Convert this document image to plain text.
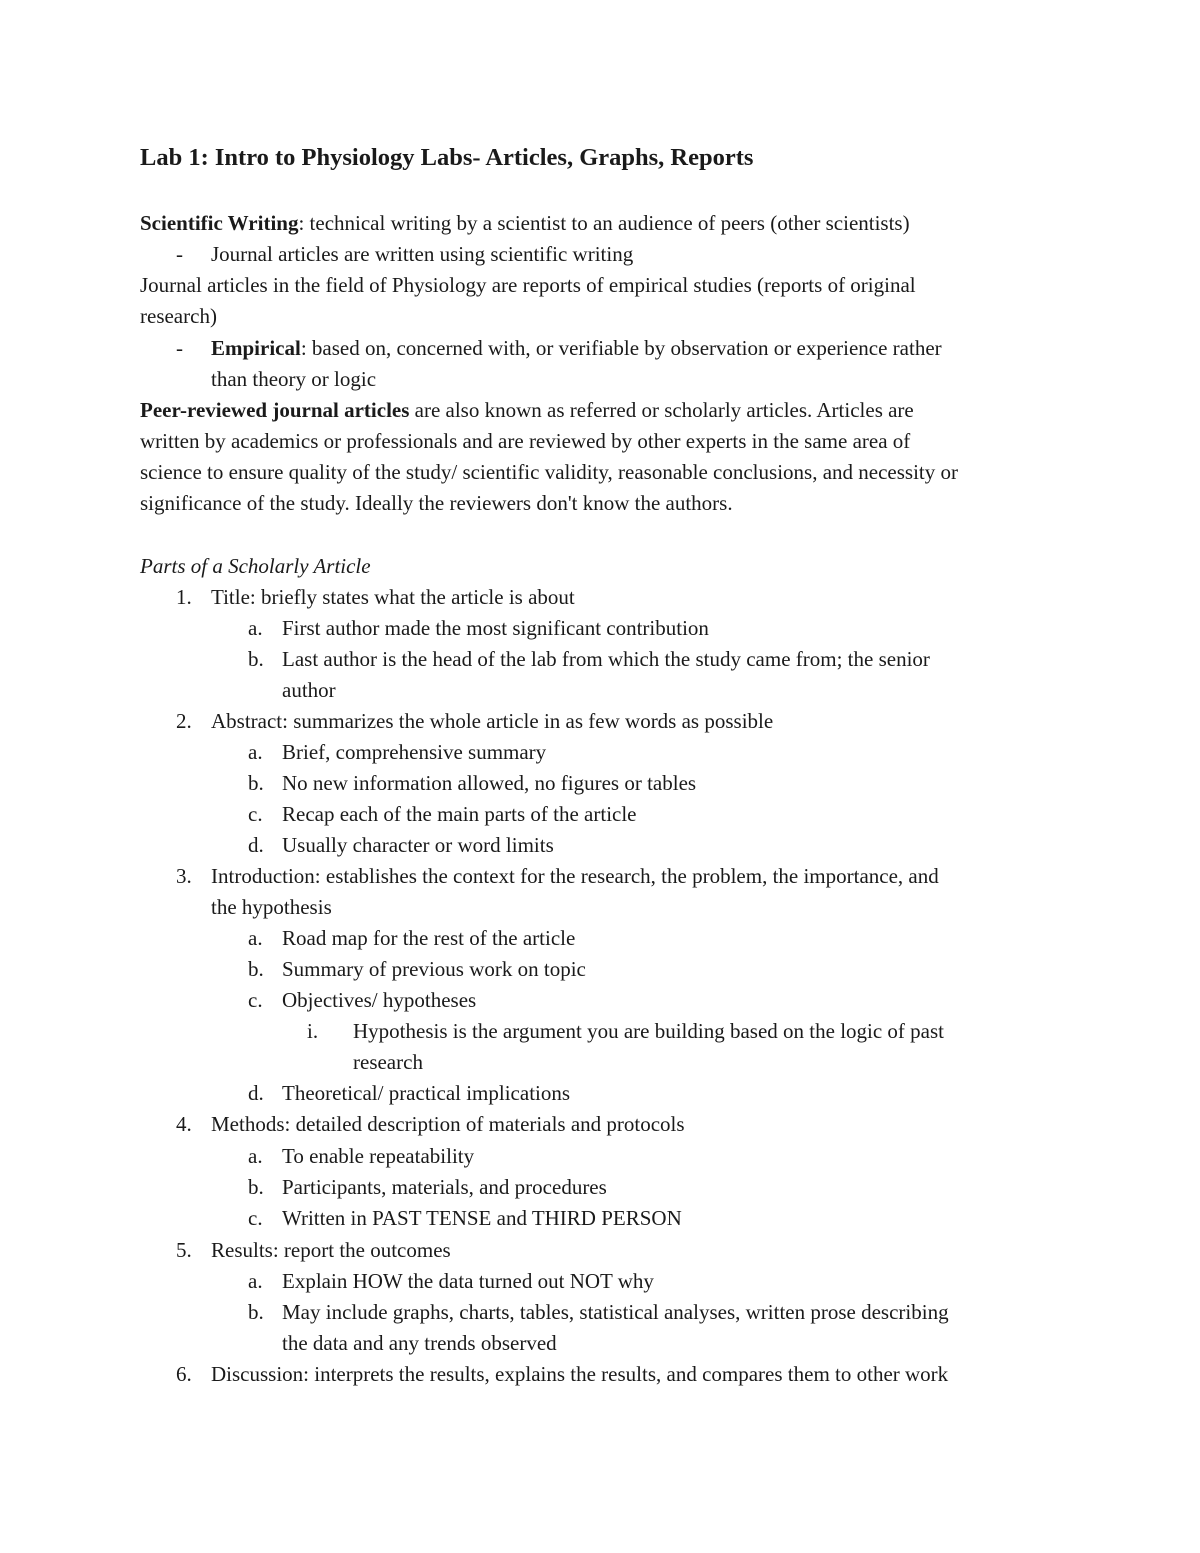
Lab 1: Intro to Physiology Labs- Articles, Graphs, Reports
Scientific Writing: technical writing by a scientist to an audience of peers (other scientists)
- Journal articles are written using scientific writing
Journal articles in the field of Physiology are reports of empirical studies (reports of original
research)
- Empirical: based on, concerned with, or verifiable by observation or experience rather
than theory or logic
Peer-reviewed journal articles are also known as referred or scholarly articles. Articles are
written by academics or professionals and are reviewed by other experts in the same area of
science to ensure quality of the study/ scientific validity, reasonable conclusions, and necessity or
significance of the study. Ideally the reviewers don't know the authors.
Parts of a Scholarly Article
1. Title: briefly states what the article is about
a. First author made the most significant contribution
b. Last author is the head of the lab from which the study came from; the senior
author
2. Abstract: summarizes the whole article in as few words as possible
a. Brief, comprehensive summary
b. No new information allowed, no figures or tables
c. Recap each of the main parts of the article
d. Usually character or word limits
3. Introduction: establishes the context for the research, the problem, the importance, and
the hypothesis
a. Road map for the rest of the article
b. Summary of previous work on topic
c. Objectives/ hypotheses
i. Hypothesis is the argument you are building based on the logic of past
research
d. Theoretical/ practical implications
4. Methods: detailed description of materials and protocols
a. To enable repeatability
b. Participants, materials, and procedures
c. Written in PAST TENSE and THIRD PERSON
5. Results: report the outcomes
a. Explain HOW the data turned out NOT why
b. May include graphs, charts, tables, statistical analyses, written prose describing
the data and any trends observed
6. Discussion: interprets the results, explains the results, and compares them to other work
